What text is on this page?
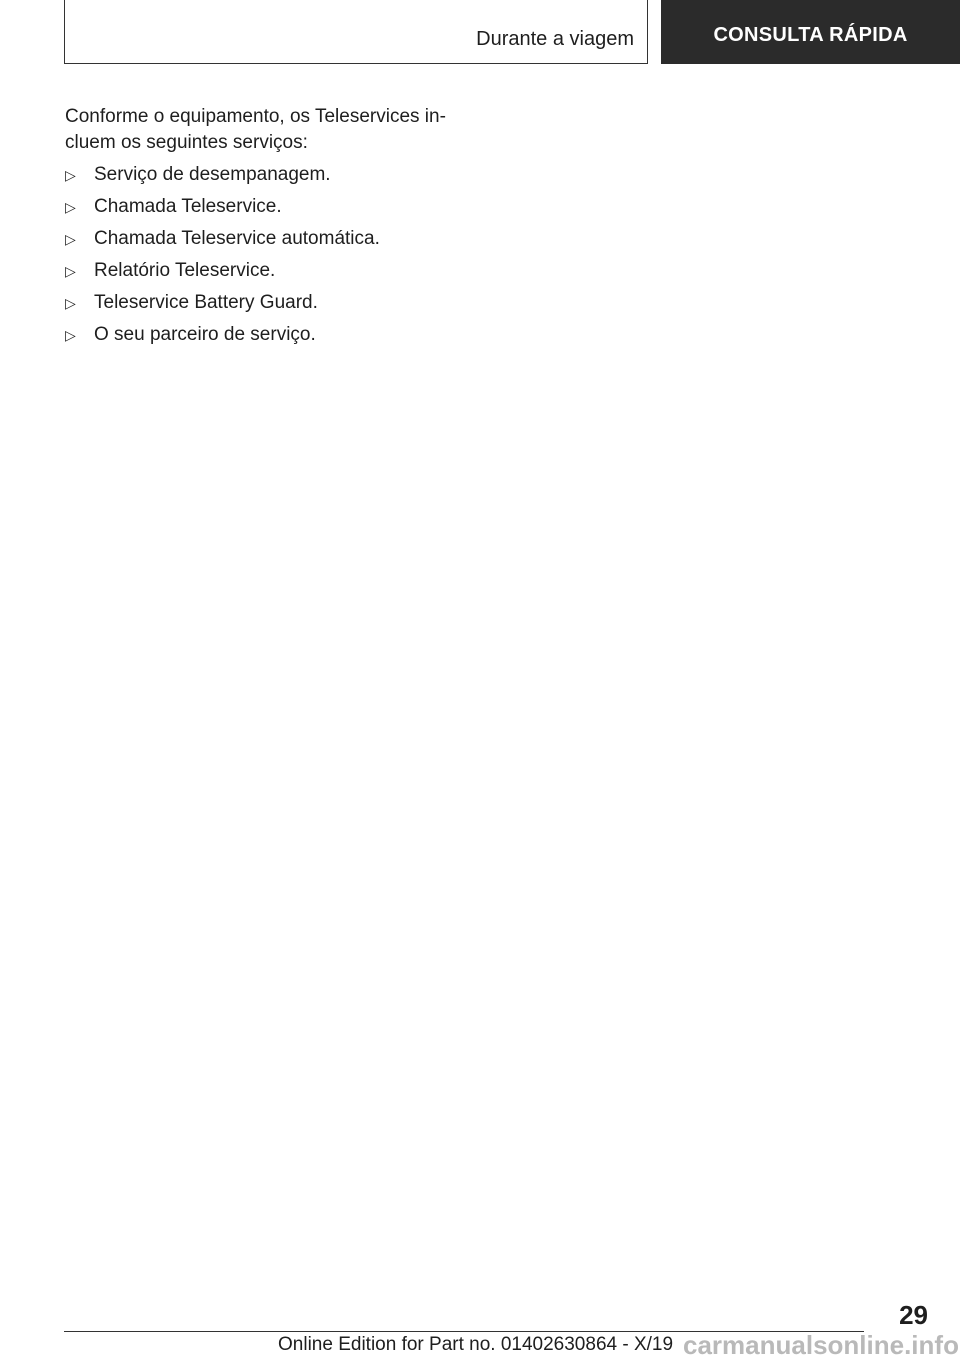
Durante a viagem	CONSULTA RÁPIDA

Conforme o equipamento, os Teleservices in‐ cluem os seguintes serviços:

▷ Serviço de desempanagem.
▷ Chamada Teleservice.
▷ Chamada Teleservice automática.
▷ Relatório Teleservice.
▷ Teleservice Battery Guard.
▷ O seu parceiro de serviço.
29
Online Edition for Part no. 01402630864 - X/19 carmanualsonline.info
